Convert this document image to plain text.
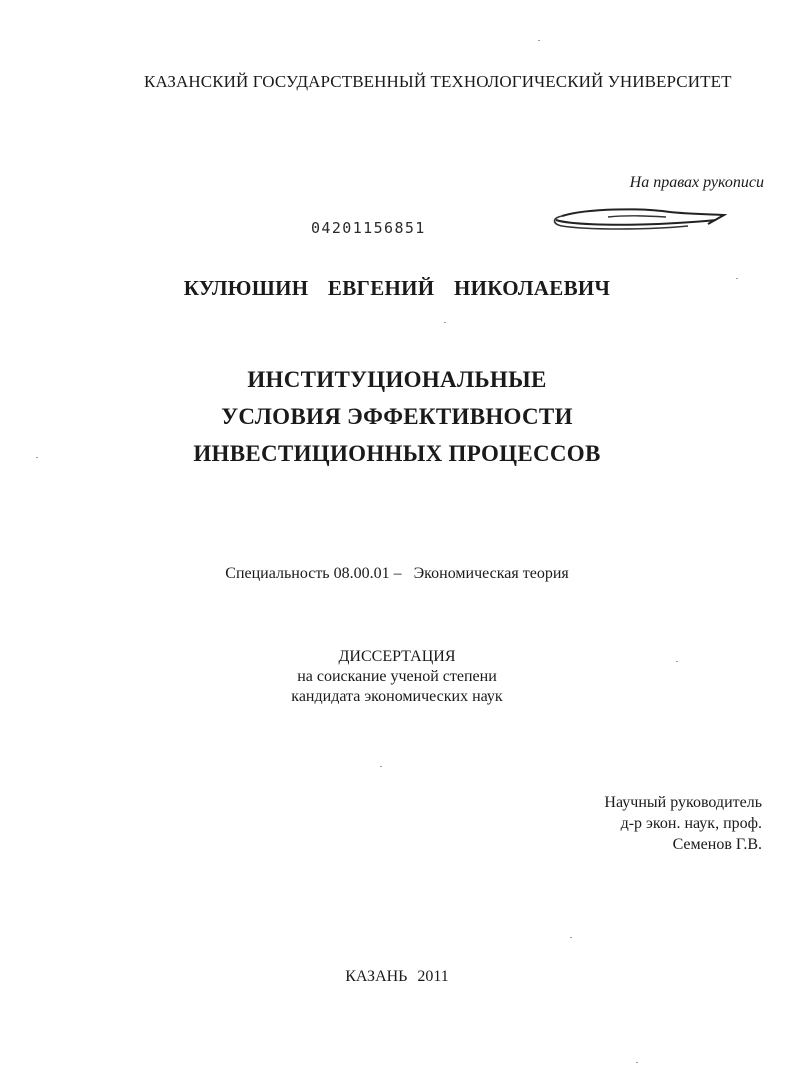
КАЗАНСКИЙ ГОСУДАРСТВЕННЫЙ ТЕХНОЛОГИЧЕСКИЙ УНИВЕРСИТЕТ
На правах рукописи
04201156851
КУЛЮШИН ЕВГЕНИЙ НИКОЛАЕВИЧ
ИНСТИТУЦИОНАЛЬНЫЕ
УСЛОВИЯ ЭФФЕКТИВНОСТИ
ИНВЕСТИЦИОННЫХ ПРОЦЕССОВ
Специальность 08.00.01 – Экономическая теория
ДИССЕРТАЦИЯ
на соискание ученой степени
кандидата экономических наук
Научный руководитель
д-р экон. наук, проф.
Семенов Г.В.
КАЗАНЬ 2011
